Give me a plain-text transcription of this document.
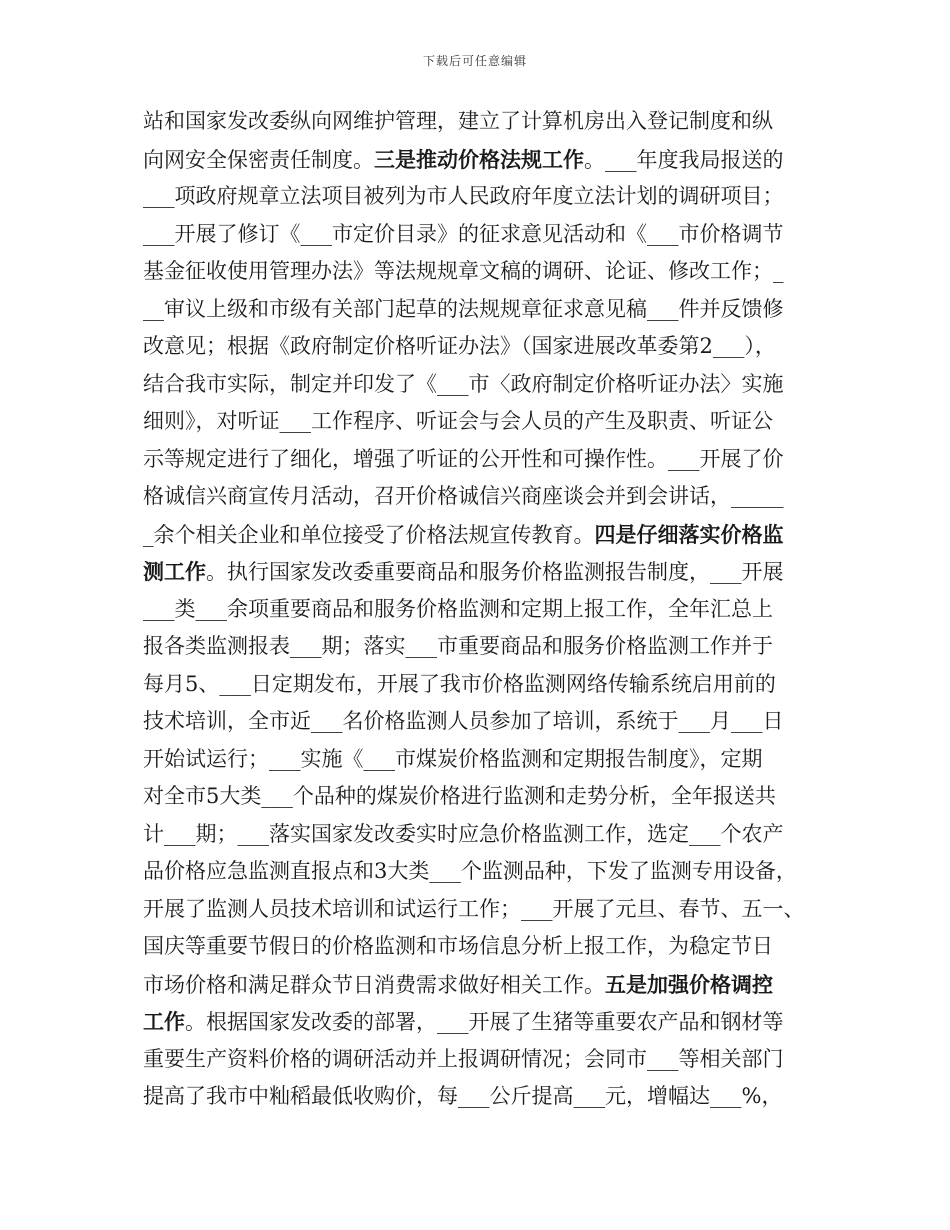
下载后可任意编辑
站和国家发改委纵向网维护管理，建立了计算机房出入登记制度和纵
向网安全保密责任制度。三是推动价格法规工作。___年度我局报送的
___项政府规章立法项目被列为市人民政府年度立法计划的调研项目；
___开展了修订《___市定价目录》的征求意见活动和《___市价格调节
基金征收使用管理办法》等法规规章文稿的调研、论证、修改工作；_
__审议上级和市级有关部门起草的法规规章征求意见稿___件并反馈修
改意见；根据《政府制定价格听证办法》（国家进展改革委第2___），
结合我市实际，制定并印发了《___市〈政府制定价格听证办法〉实施
细则》，对听证___工作程序、听证会与会人员的产生及职责、听证公
示等规定进行了细化，增强了听证的公开性和可操作性。___开展了价
格诚信兴商宣传月活动，召开价格诚信兴商座谈会并到会讲话，_____
_余个相关企业和单位接受了价格法规宣传教育。四是仔细落实价格监
测工作。执行国家发改委重要商品和服务价格监测报告制度，___开展
___类___余项重要商品和服务价格监测和定期上报工作，全年汇总上
报各类监测报表___期；落实___市重要商品和服务价格监测工作并于
每月5、___日定期发布，开展了我市价格监测网络传输系统启用前的
技术培训，全市近___名价格监测人员参加了培训，系统于___月___日
开始试运行；___实施《___市煤炭价格监测和定期报告制度》，定期
对全市5大类___个品种的煤炭价格进行监测和走势分析，全年报送共
计___期；___落实国家发改委实时应急价格监测工作，选定___个农产
品价格应急监测直报点和3大类___个监测品种，下发了监测专用设备，
开展了监测人员技术培训和试运行工作；___开展了元旦、春节、五一、
国庆等重要节假日的价格监测和市场信息分析上报工作，为稳定节日
市场价格和满足群众节日消费需求做好相关工作。五是加强价格调控
工作。根据国家发改委的部署，___开展了生猪等重要农产品和钢材等
重要生产资料价格的调研活动并上报调研情况；会同市___等相关部门
提高了我市中籼稻最低收购价，每___公斤提高___元，增幅达___%，
